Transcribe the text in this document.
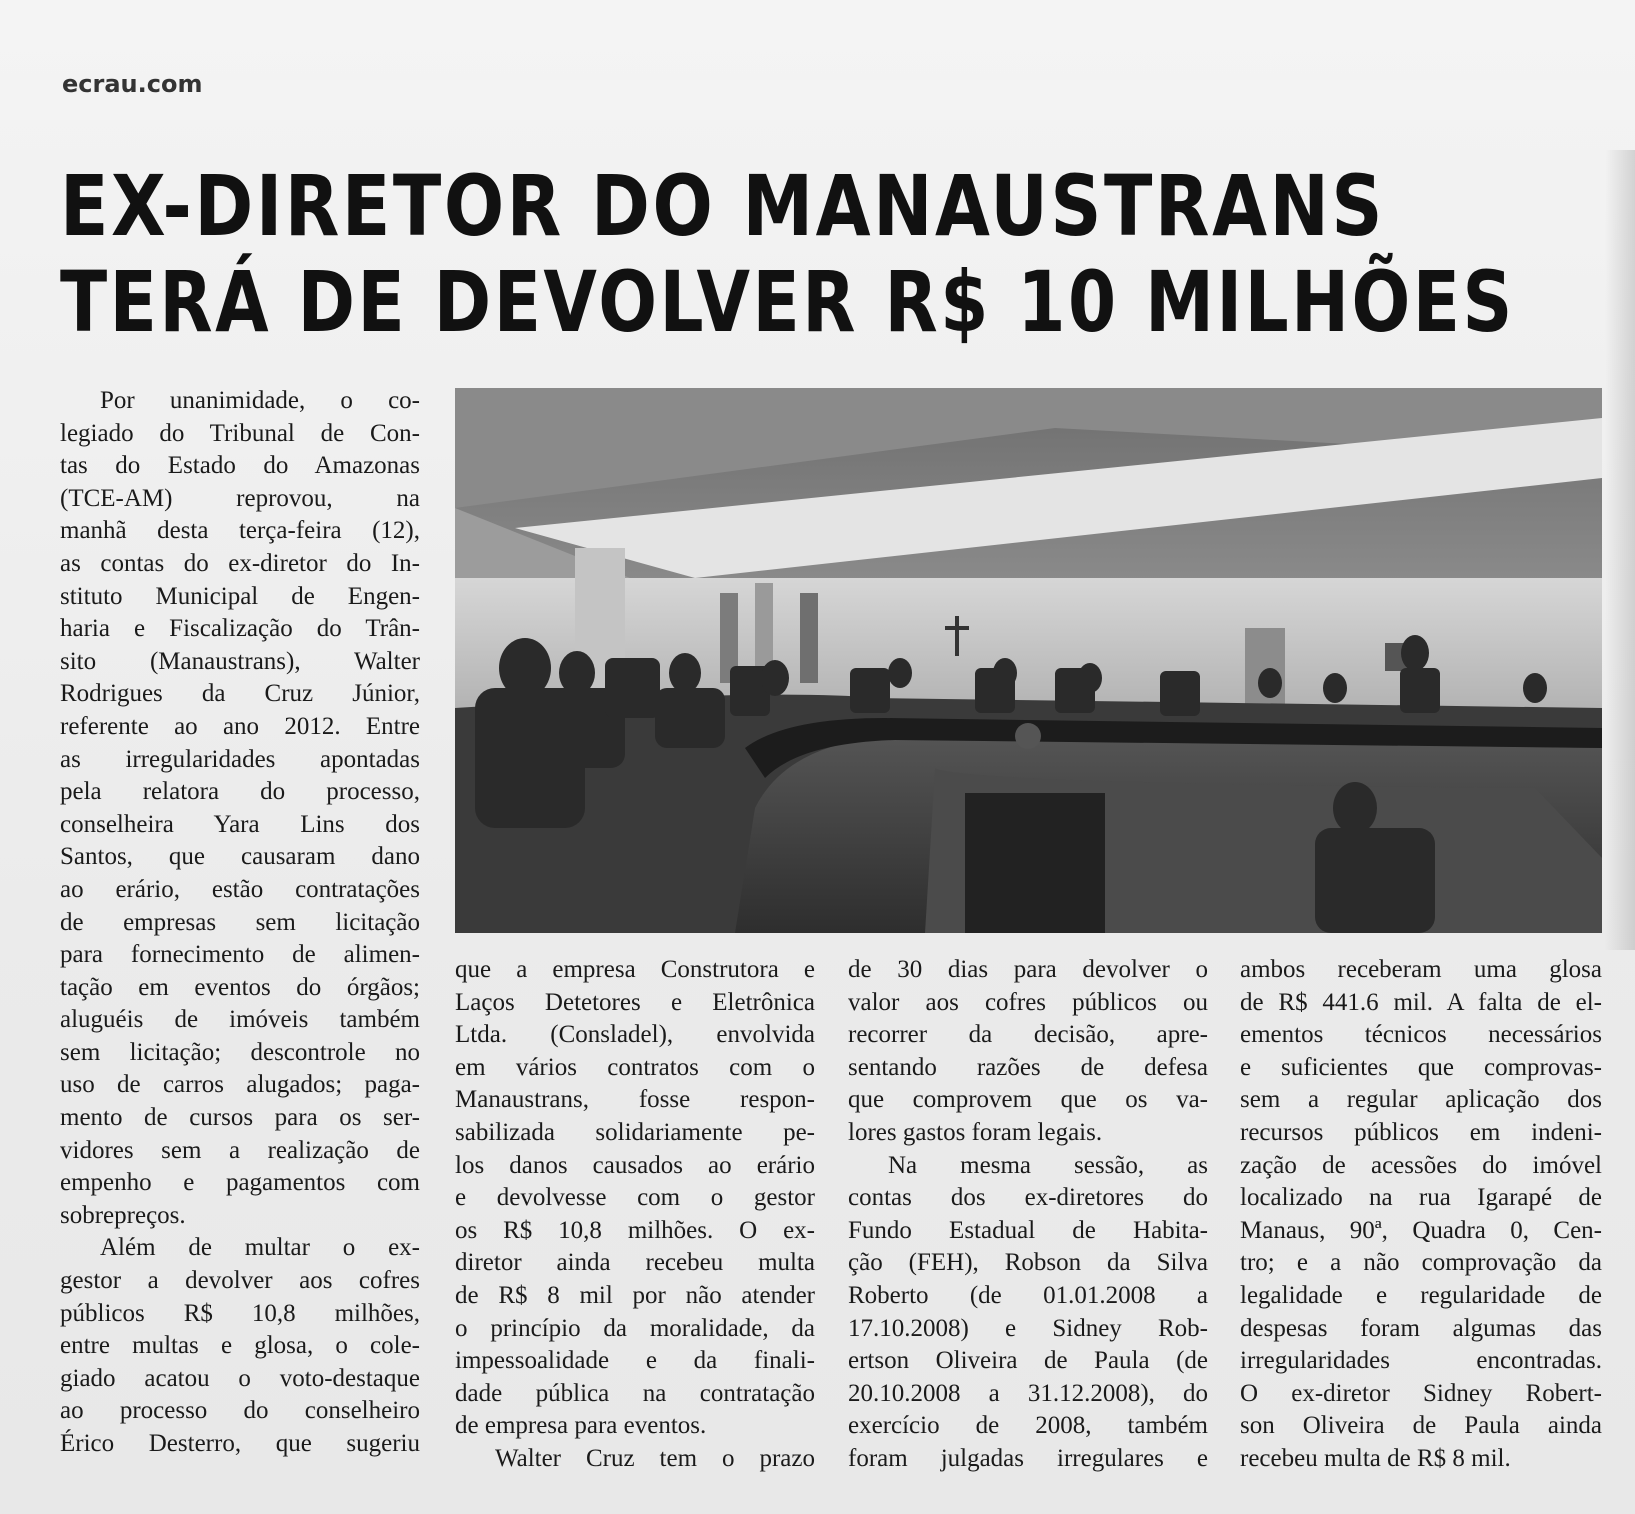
ecrau.com
EX-DIRETOR DO MANAUSTRANS
TERÁ DE DEVOLVER R$ 10 MILHÕES
Por unanimidade, o co-
legiado do Tribunal de Con-
tas do Estado do Amazonas
(TCE-AM) reprovou, na
manhã desta terça-feira (12),
as contas do ex-diretor do In-
stituto Municipal de Engen-
haria e Fiscalização do Trân-
sito (Manaustrans), Walter
Rodrigues da Cruz Júnior,
referente ao ano 2012. Entre
as irregularidades apontadas
pela relatora do processo,
conselheira Yara Lins dos
Santos, que causaram dano
ao erário, estão contratações
de empresas sem licitação
para fornecimento de alimen-
tação em eventos do órgãos;
aluguéis de imóveis também
sem licitação; descontrole no
uso de carros alugados; paga-
mento de cursos para os ser-
vidores sem a realização de
empenho e pagamentos com
sobrepreços.
Além de multar o ex-
gestor a devolver aos cofres
públicos R$ 10,8 milhões,
entre multas e glosa, o cole-
giado acatou o voto-destaque
ao processo do conselheiro
Érico Desterro, que sugeriu
que a empresa Construtora e
Laços Detetores e Eletrônica
Ltda. (Consladel), envolvida
em vários contratos com o
Manaustrans, fosse respon-
sabilizada solidariamente pe-
los danos causados ao erário
e devolvesse com o gestor
os R$ 10,8 milhões. O ex-
diretor ainda recebeu multa
de R$ 8 mil por não atender
o princípio da moralidade, da
impessoalidade e da finali-
dade pública na contratação
de empresa para eventos.
Walter Cruz tem o prazo
de 30 dias para devolver o
valor aos cofres públicos ou
recorrer da decisão, apre-
sentando razões de defesa
que comprovem que os va-
lores gastos foram legais.
Na mesma sessão, as
contas dos ex-diretores do
Fundo Estadual de Habita-
ção (FEH), Robson da Silva
Roberto (de 01.01.2008 a
17.10.2008) e Sidney Rob-
ertson Oliveira de Paula (de
20.10.2008 a 31.12.2008), do
exercício de 2008, também
foram julgadas irregulares e
ambos receberam uma glosa
de R$ 441.6 mil. A falta de el-
ementos técnicos necessários
e suficientes que comprovas-
sem a regular aplicação dos
recursos públicos em indeni-
zação de acessões do imóvel
localizado na rua Igarapé de
Manaus, 90ª, Quadra 0, Cen-
tro; e a não comprovação da
legalidade e regularidade de
despesas foram algumas das
irregularidades encontradas.
O ex-diretor Sidney Robert-
son Oliveira de Paula ainda
recebeu multa de R$ 8 mil.
